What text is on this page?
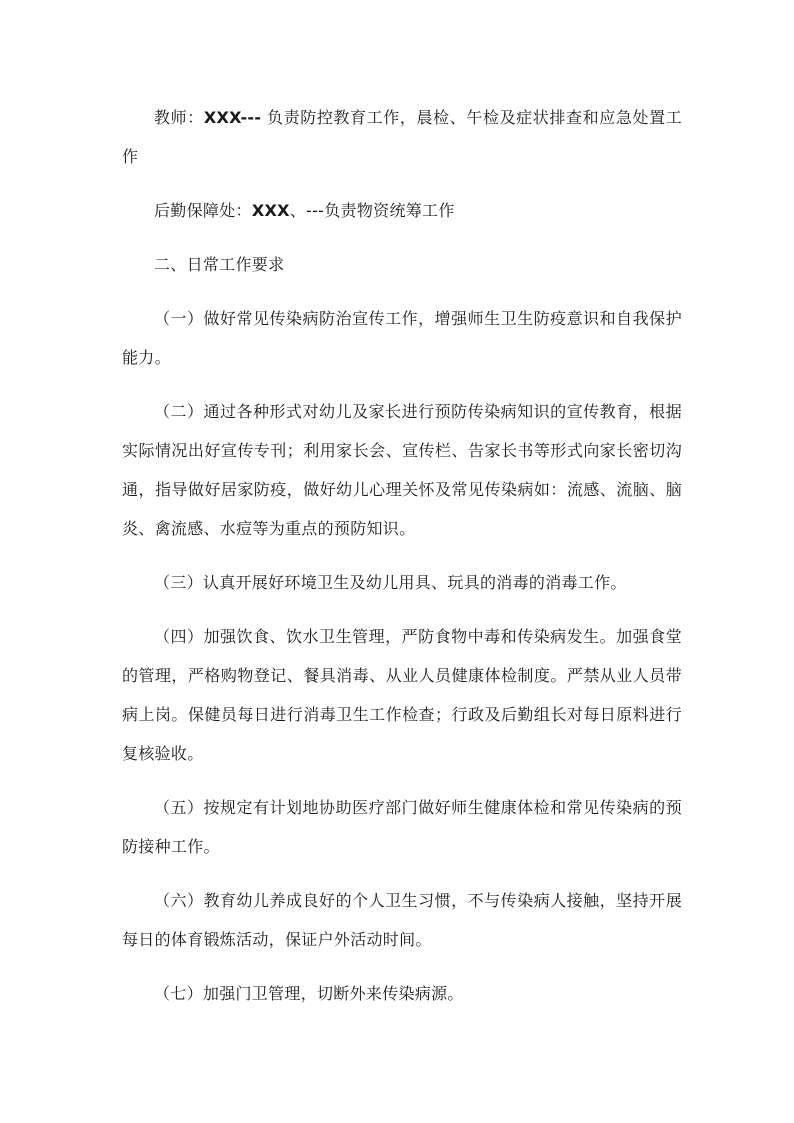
教师：XXX--- 负责防控教育工作，晨检、午检及症状排查和应急处置工作

后勤保障处：XXX、---负责物资统筹工作

二、日常工作要求

（一）做好常见传染病防治宣传工作，增强师生卫生防疫意识和自我保护能力。

（二）通过各种形式对幼儿及家长进行预防传染病知识的宣传教育，根据实际情况出好宣传专刊；利用家长会、宣传栏、告家长书等形式向家长密切沟通，指导做好居家防疫，做好幼儿心理关怀及常见传染病如：流感、流脑、脑炎、禽流感、水痘等为重点的预防知识。

（三）认真开展好环境卫生及幼儿用具、玩具的消毒的消毒工作。

（四）加强饮食、饮水卫生管理，严防食物中毒和传染病发生。加强食堂的管理，严格购物登记、餐具消毒、从业人员健康体检制度。严禁从业人员带病上岗。保健员每日进行消毒卫生工作检查；行政及后勤组长对每日原料进行复核验收。

（五）按规定有计划地协助医疗部门做好师生健康体检和常见传染病的预防接种工作。

（六）教育幼儿养成良好的个人卫生习惯，不与传染病人接触，坚持开展每日的体育锻炼活动，保证户外活动时间。

（七）加强门卫管理，切断外来传染病源。
